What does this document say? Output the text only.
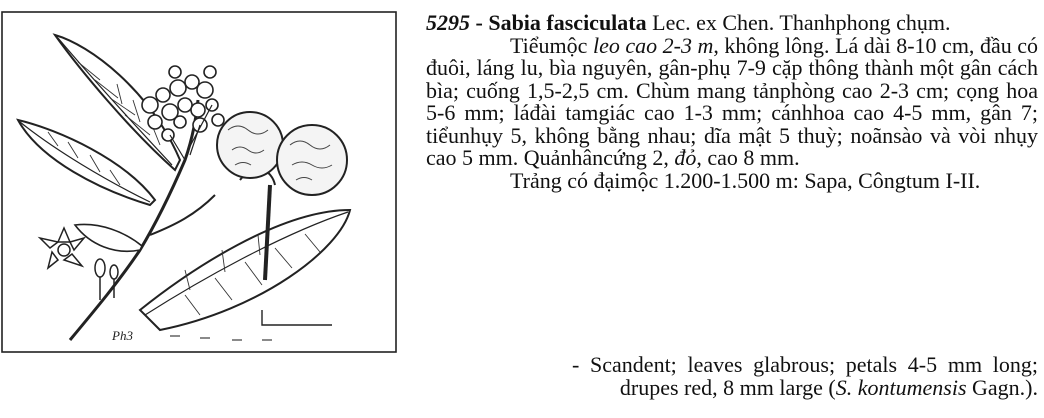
Ph3

5295 - Sabia fasciculata Lec. ex Chen. Thanhphong chụm.

Tiểumộc leo cao 2-3 m, không lông. Lá dài 8-10 cm, đầu có đuôi, láng lu, bìa nguyên, gân-phụ 7-9 cặp thông thành một gân cách bìa; cuống 1,5-2,5 cm. Chùm mang tảnphòng cao 2-3 cm; cọng hoa 5-6 mm; láđài tamgiác cao 1-3 mm; cánhhoa cao 4-5 mm, gân 7; tiểunhụy 5, không bằng nhau; dĩa mật 5 thuỳ; noãnsào và vòi nhụy cao 5 mm. Quảnhâncứng 2, đỏ, cao 8 mm.

Trảng có đạimộc 1.200-1.500 m: Sapa, Côngtum I-II.

- Scandent; leaves glabrous; petals 4-5 mm long; drupes red, 8 mm large (S. kontumensis Gagn.).
